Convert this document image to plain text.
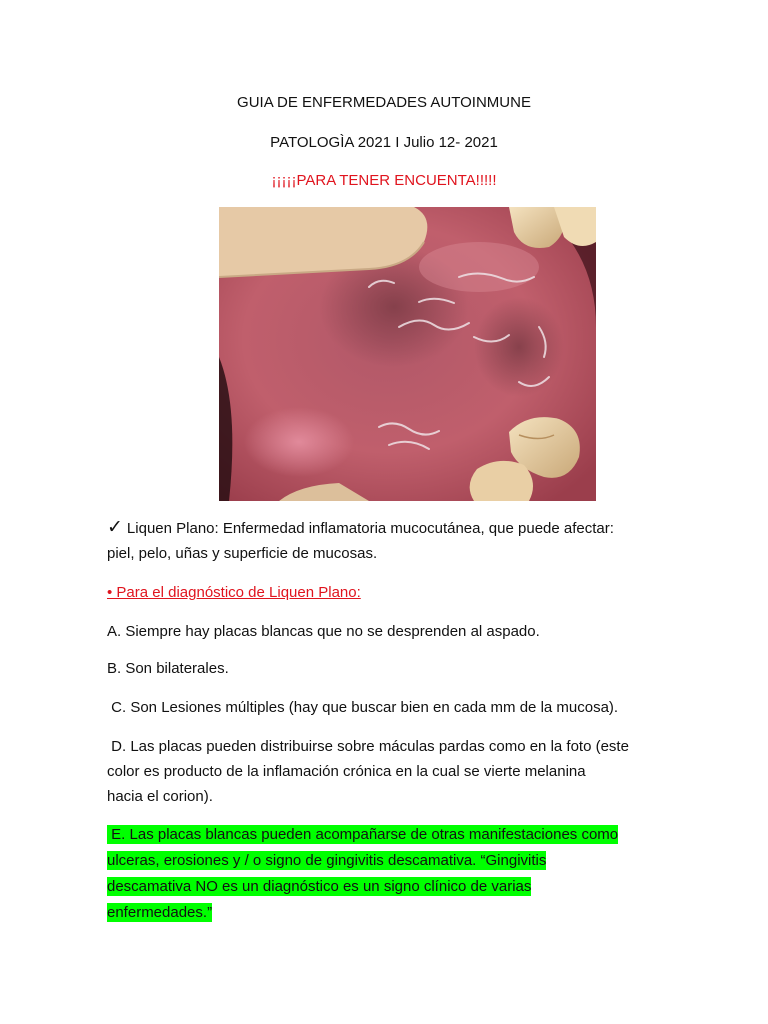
GUIA DE ENFERMEDADES AUTOINMUNE
PATOLOGÌA 2021 I Julio 12- 2021
¡¡¡¡¡PARA TENER ENCUENTA!!!!!

✓ Liquen Plano: Enfermedad inflamatoria mucocutánea, que puede afectar:

piel, pelo, uñas y superficie de mucosas.

• Para el diagnóstico de Liquen Plano:

A. Siempre hay placas blancas que no se desprenden al aspado.

B. Son bilaterales.

C. Son Lesiones múltiples (hay que buscar bien en cada mm de la mucosa).

D. Las placas pueden distribuirse sobre máculas pardas como en la foto (este

color es producto de la inflamación crónica en la cual se vierte melanina

hacia el corion).

E. Las placas blancas pueden acompañarse de otras manifestaciones como

ulceras, erosiones y / o signo de gingivitis descamativa. “Gingivitis

descamativa NO es un diagnóstico es un signo clínico de varias

enfermedades.”
